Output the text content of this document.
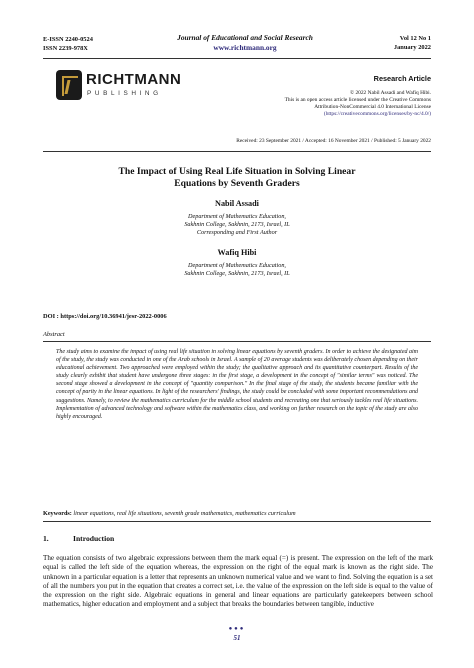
E-ISSN 2240-0524
ISSN 2239-978X
Journal of Educational and Social Research
www.richtmann.org
Vol 12 No 1
January 2022
RICHTMANN
PUBLISHING
Research Article
© 2022 Nabil Assadi and Wafiq Hibi.
This is an open access article licensed under the Creative Commons
Attribution-NonCommercial 4.0 International License
(https://creativecommons.org/licenses/by-nc/4.0/)
Received: 23 September 2021 / Accepted: 16 November 2021 / Published: 5 January 2022
The Impact of Using Real Life Situation in Solving Linear
Equations by Seventh Graders
Nabil Assadi
Department of Mathematics Education,
Sakhnin College, Sakhnin, 2173, Israel, IL
Corresponding and First Author
Wafiq Hibi
Department of Mathematics Education,
Sakhnin College, Sakhnin, 2173, Israel, IL
DOI : https://doi.org/10.36941/jesr-2022-0006
Abstract
The study aims to examine the impact of using real life situation in solving linear equations by seventh graders. In order to achieve the designated aim of the study, the study was conducted in one of the Arab schools in Israel. A sample of 20 average students was deliberately chosen depending on their educational achievement. Two approached were employed within the study; the qualitative approach and its quantitative counterpart. Results of the study clearly exhibit that student have undergone three stages: in the first stage, a development in the concept of "similar terms" was noticed. The second stage showed a development in the concept of "quantity comparison." In the final stage of the study, the students became familiar with the concept of parity in the linear equations. In light of the researchers' findings, the study could be concluded with some important recommendations and suggestions. Namely, to review the mathematics curriculum for the middle school students and recreating one that seriously tackles real life situations. Implementation of advanced technology and software within the mathematics class, and working on further research on the topic of the study are also highly encouraged.
Keywords: linear equations, real life situations, seventh grade mathematics, mathematics curriculum
1.	Introduction
The equation consists of two algebraic expressions between them the mark equal (=) is present. The expression on the left of the mark equal is called the left side of the equation whereas, the expression on the right of the equal mark is known as the right side. The unknown in a particular equation is a letter that represents an unknown numerical value and we want to find. Solving the equation is a set of all the numbers you put in the equation that creates a correct set, i.e. the value of the expression on the left side is equal to the value of the expression on the right side. Algebraic equations in general and linear equations are particularly gatekeepers between school mathematics, higher education and employment and a subject that breaks the boundaries between tangible, inductive
●●●
51
